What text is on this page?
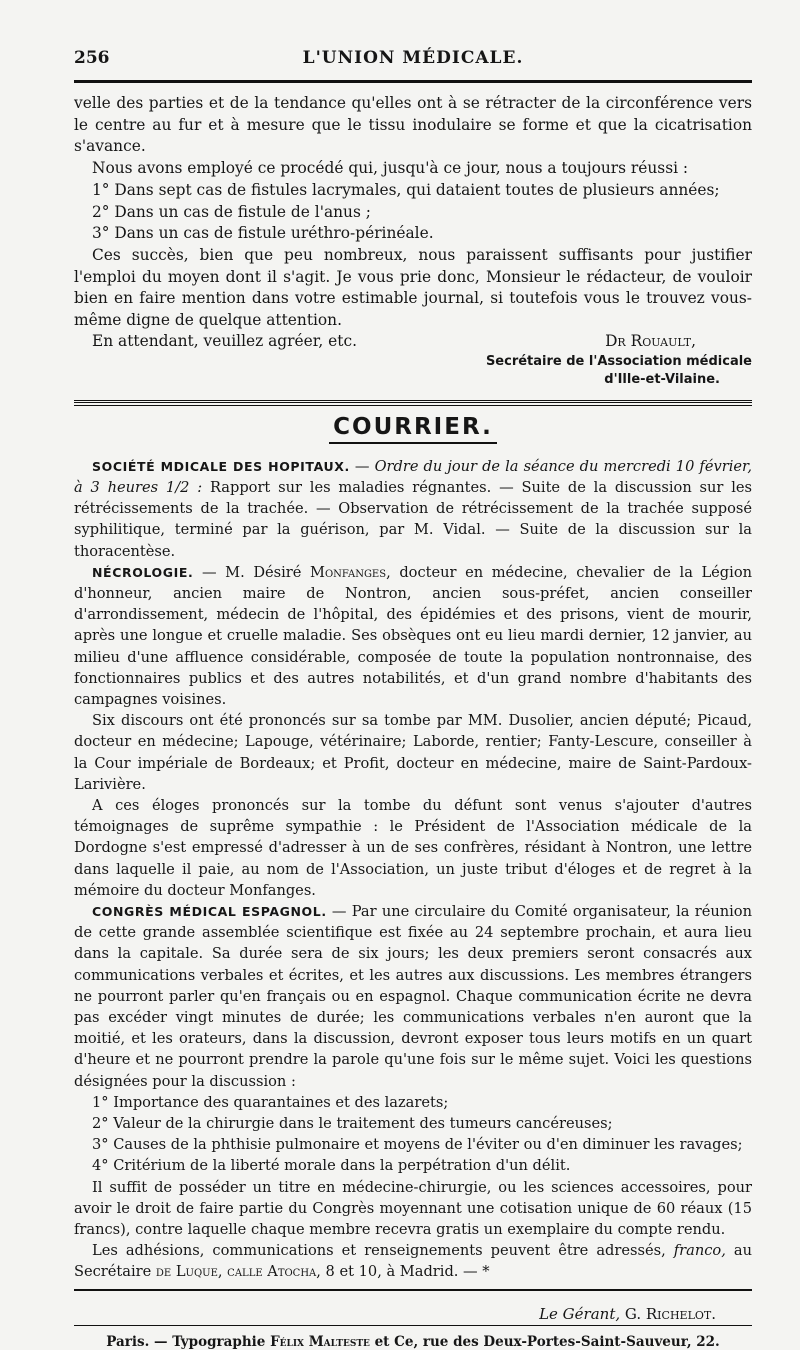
256	L'UNION MÉDICALE.

velle des parties et de la tendance qu'elles ont à se rétracter de la circonférence vers le centre au fur et à mesure que le tissu inodulaire se forme et que la cicatrisation s'avance.

Nous avons employé ce procédé qui, jusqu'à ce jour, nous a toujours réussi :

1° Dans sept cas de fistules lacrymales, qui dataient toutes de plusieurs années;

2° Dans un cas de fistule de l'anus ;

3° Dans un cas de fistule uréthro-périnéale.

Ces succès, bien que peu nombreux, nous paraissent suffisants pour justifier l'emploi du moyen dont il s'agit. Je vous prie donc, Monsieur le rédacteur, de vouloir bien en faire mention dans votre estimable journal, si toutefois vous le trouvez vous-même digne de quelque attention.

En attendant, veuillez agréer, etc.	Dr Rouault,
Secrétaire de l'Association médicale
d'Ille-et-Vilaine.
COURRIER.

SOCIÉTÉ MDICALE DES HOPITAUX. — Ordre du jour de la séance du mercredi 10 février, à 3 heures 1/2 : Rapport sur les maladies régnantes. — Suite de la discussion sur les rétrécissements de la trachée. — Observation de rétrécissement de la trachée supposé syphilitique, terminé par la guérison, par M. Vidal. — Suite de la discussion sur la thoracentèse.

NÉCROLOGIE. — M. Désiré Monfanges, docteur en médecine, chevalier de la Légion d'honneur, ancien maire de Nontron, ancien sous-préfet, ancien conseiller d'arrondissement, médecin de l'hôpital, des épidémies et des prisons, vient de mourir, après une longue et cruelle maladie. Ses obsèques ont eu lieu mardi dernier, 12 janvier, au milieu d'une affluence considérable, composée de toute la population nontronnaise, des fonctionnaires publics et des autres notabilités, et d'un grand nombre d'habitants des campagnes voisines.

Six discours ont été prononcés sur sa tombe par MM. Dusolier, ancien député; Picaud, docteur en médecine; Lapouge, vétérinaire; Laborde, rentier; Fanty-Lescure, conseiller à la Cour impériale de Bordeaux; et Profit, docteur en médecine, maire de Saint-Pardoux-Larivière.

A ces éloges prononcés sur la tombe du défunt sont venus s'ajouter d'autres témoignages de suprême sympathie : le Président de l'Association médicale de la Dordogne s'est empressé d'adresser à un de ses confrères, résidant à Nontron, une lettre dans laquelle il paie, au nom de l'Association, un juste tribut d'éloges et de regret à la mémoire du docteur Monfanges.

CONGRÈS MÉDICAL ESPAGNOL. — Par une circulaire du Comité organisateur, la réunion de cette grande assemblée scientifique est fixée au 24 septembre prochain, et aura lieu dans la capitale. Sa durée sera de six jours; les deux premiers seront consacrés aux communications verbales et écrites, et les autres aux discussions. Les membres étrangers ne pourront parler qu'en français ou en espagnol. Chaque communication écrite ne devra pas excéder vingt minutes de durée; les communications verbales n'en auront que la moitié, et les orateurs, dans la discussion, devront exposer tous leurs motifs en un quart d'heure et ne pourront prendre la parole qu'une fois sur le même sujet. Voici les questions désignées pour la discussion :

1° Importance des quarantaines et des lazarets;

2° Valeur de la chirurgie dans le traitement des tumeurs cancéreuses;

3° Causes de la phthisie pulmonaire et moyens de l'éviter ou d'en diminuer les ravages;

4° Critérium de la liberté morale dans la perpétration d'un délit.

Il suffit de posséder un titre en médecine-chirurgie, ou les sciences accessoires, pour avoir le droit de faire partie du Congrès moyennant une cotisation unique de 60 réaux (15 francs), contre laquelle chaque membre recevra gratis un exemplaire du compte rendu.

Les adhésions, communications et renseignements peuvent être adressés, franco, au Secrétaire de Luque, calle Atocha, 8 et 10, à Madrid. — *

Le Gérant, G. Richelot.
Paris. — Typographie Félix Malteste et Ce, rue des Deux-Portes-Saint-Sauveur, 22.
